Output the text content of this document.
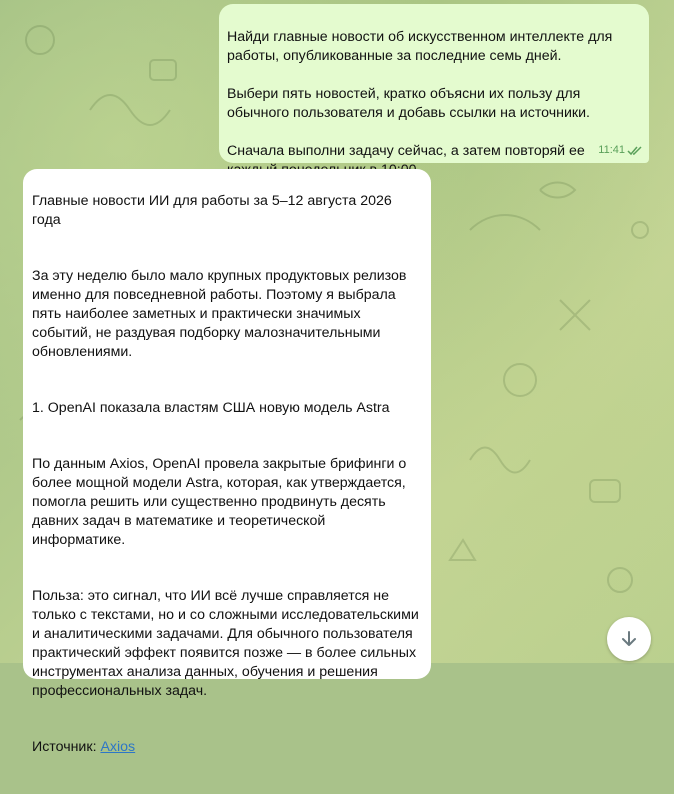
Найди главные новости об искусственном интеллекте для работы, опубликованные за последние семь дней.

Выбери пять новостей, кратко объясни их пользу для обычного пользователя и добавь ссылки на источники.

Сначала выполни задачу сейчас, а затем повторяй ее	11:41

Главные новости ИИ для работы за 5–12 августа 2026 года

За эту неделю было мало крупных продуктовых релизов именно для повседневной работы. Поэтому я выбрала пять наиболее заметных и практически значимых событий, не раздувая подборку малозначительными обновлениями.

1. OpenAI показала властям США новую модель Astra

По данным Axios, OpenAI провела закрытые брифинги о более мощной модели Astra, которая, как утверждается, помогла решить или существенно продвинуть десять давних задач в математике и теоретической информатике.

Польза: это сигнал, что ИИ всё лучше справляется не только с текстами, но и со сложными исследовательскими и аналитическими задачами. Для обычного пользователя практический эффект появится позже — в более сильных инструментах анализа данных, обучения и решения профессиональных задач.

Источник: Axios
